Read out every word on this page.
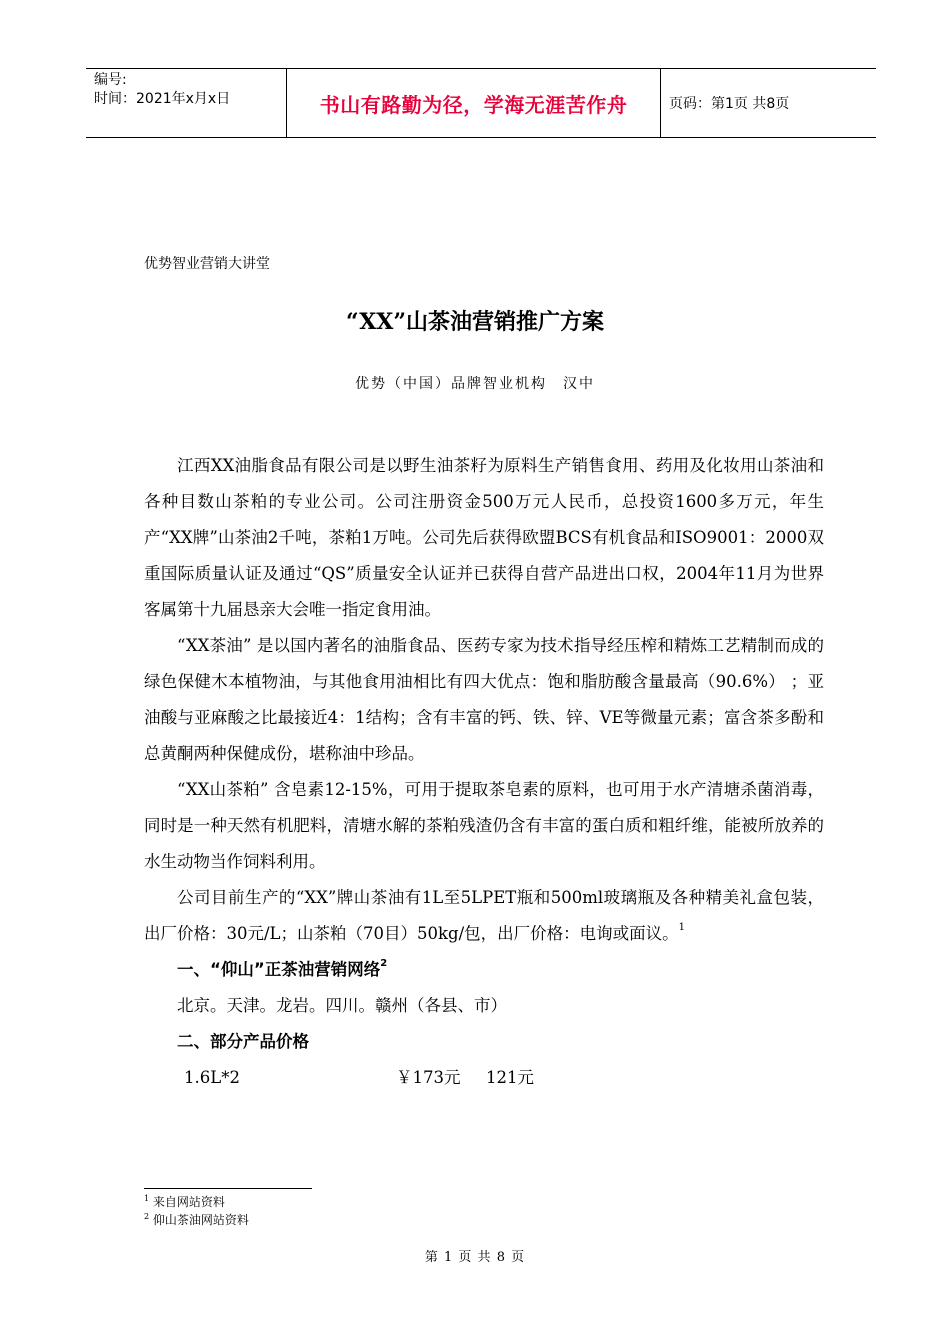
编号:
时间：2021年x月x日	书山有路勤为径，学海无涯苦作舟	页码：第1页 共8页
优势智业营销大讲堂
“XX”山茶油营销推广方案
优势（中国）品牌智业机构　汉中

江西XX油脂食品有限公司是以野生油茶籽为原料生产销售食用、药用及化妆用山茶油和各种目数山茶粕的专业公司。公司注册资金500万元人民币，总投资1600多万元，年生产“XX牌”山茶油2千吨，茶粕1万吨。公司先后获得欧盟BCS有机食品和ISO9001：2000双重国际质量认证及通过“QS”质量安全认证并已获得自营产品进出口权，2004年11月为世界客属第十九届恳亲大会唯一指定食用油。

“XX茶油” 是以国内著名的油脂食品、医药专家为技术指导经压榨和精炼工艺精制而成的绿色保健木本植物油，与其他食用油相比有四大优点：饱和脂肪酸含量最高（90.6%） ；亚油酸与亚麻酸之比最接近4：1结构；含有丰富的钙、铁、锌、VE等微量元素；富含茶多酚和总黄酮两种保健成份，堪称油中珍品。

“XX山茶粕” 含皂素12-15%，可用于提取茶皂素的原料，也可用于水产清塘杀菌消毒，同时是一种天然有机肥料，清塘水解的茶粕残渣仍含有丰富的蛋白质和粗纤维，能被所放养的水生动物当作饲料利用。

公司目前生产的“XX”牌山茶油有1L至5LPET瓶和500ml玻璃瓶及各种精美礼盒包装，出厂价格：30元/L；山茶粕（70目）50kg/包，出厂价格：电询或面议。$^1$

一、“仰山”正茶油营销网络$^2$

北京。天津。龙岩。四川。赣州（各县、市）

二、部分产品价格

1.6L*2	￥173元	121元
$^1$ 来自网站资料
$^2$ 仰山茶油网站资料
第 1 页 共 8 页
